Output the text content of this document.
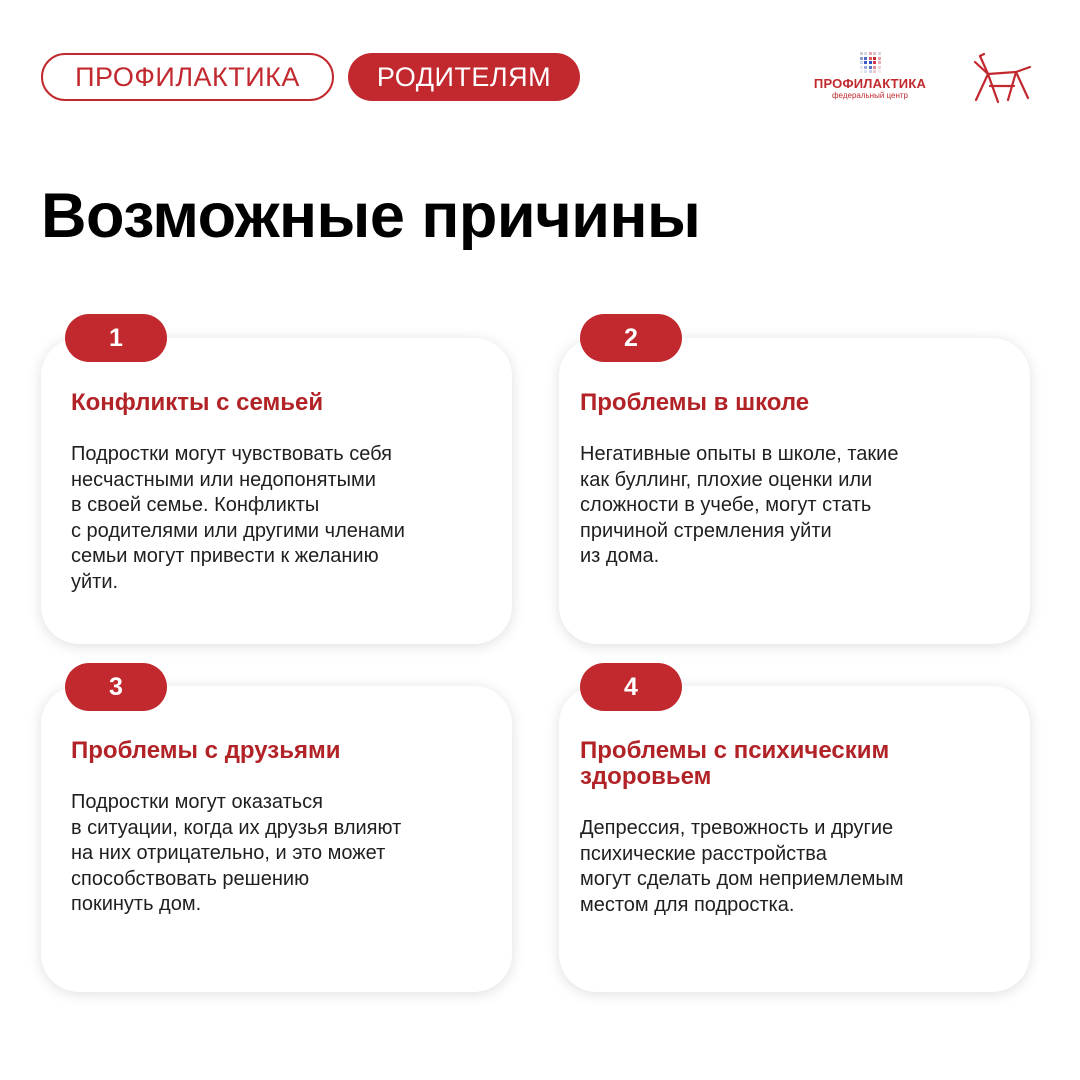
ПРОФИЛАКТИКА	РОДИТЕЛЯМ	ПРОФИЛАКТИКА
федеральный центр
Возможные причины
Конфликты с семьей

Подростки могут чувствовать себя
несчастными или недопонятыми
в своей семье. Конфликты
с родителями или другими членами
семьи могут привести к желанию
уйти.

1
Проблемы в школе

Негативные опыты в школе, такие
как буллинг, плохие оценки или
сложности в учебе, могут стать
причиной стремления уйти
из дома.

2
Проблемы с друзьями

Подростки могут оказаться
в ситуации, когда их друзья влияют
на них отрицательно, и это может
способствовать решению
покинуть дом.

3
Проблемы с психическим
здоровьем

Депрессия, тревожность и другие
психические расстройства
могут сделать дом неприемлемым
местом для подростка.

4
